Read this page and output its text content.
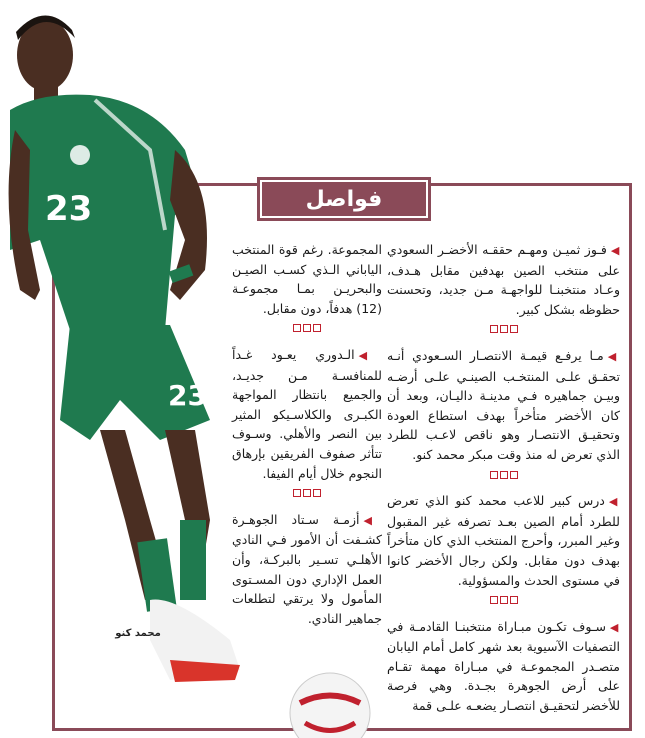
23
23
محمد كنو
فواصل

◀فـوز ثميـن ومهـم حققـه الأخضـر السعودي على منتخب الصين بهدفين مقابل هـدف، وعـاد منتخبنـا للواجهـة مـن جديد، وتحسنت حظوظه بشكل كبير.

◀مـا يرفـع قيمـة الانتصـار السـعودي أنـه تحقـق علـى المنتخـب الصينـي علـى أرضـه وبيـن جماهيره فـي مدينـة داليـان، وبعد أن كان الأخضر متأخراً بهدف استطاع العودة وتحقيـق الانتصـار وهو ناقص لاعـب للطرد الذي تعرض له منذ وقت مبكر محمد كنو.

◀درس كبير للاعب محمد كنو الذي تعرض للطرد أمام الصين بعـد تصرفه غير المقبول وغير المبرر، وأحرج المنتخب الذي كان متأخراً بهدف دون مقابل. ولكن رجال الأخضر كانوا في مستوى الحدث والمسؤولية.

◀سـوف تكـون مبـاراة منتخبنـا القادمـة في التصفيات الآسيوية بعد شهر كامل أمام اليابان متصـدر المجموعـة في مبـاراة مهمة تقـام على أرض الجوهرة بجـدة. وهي فرصة للأخضر لتحقيـق انتصـار يضعـه علـى قمة

المجموعة. رغم قوة المنتخب الياباني الـذي كسـب الصيـن والبحريـن بمـا مجموعـة (12) هدفاً، دون مقابل.

◀الـدوري يعـود غـداً للمنافسـة مـن جديـد، والجميع بانتظار المواجهة الكبـرى والكلاسـيكو المثير بين النصر والأهلي. وسـوف تتأثر صفوف الفريقين بإرهاق النجوم خلال أيام الفيفا.

◀أزمـة سـتاد الجوهـرة كشـفت أن الأمور فـي النادي الأهلـي تسـير بالبركـة، وأن العمل الإداري دون المسـتوى المأمول ولا يرتقي لتطلعات جماهير النادي.
